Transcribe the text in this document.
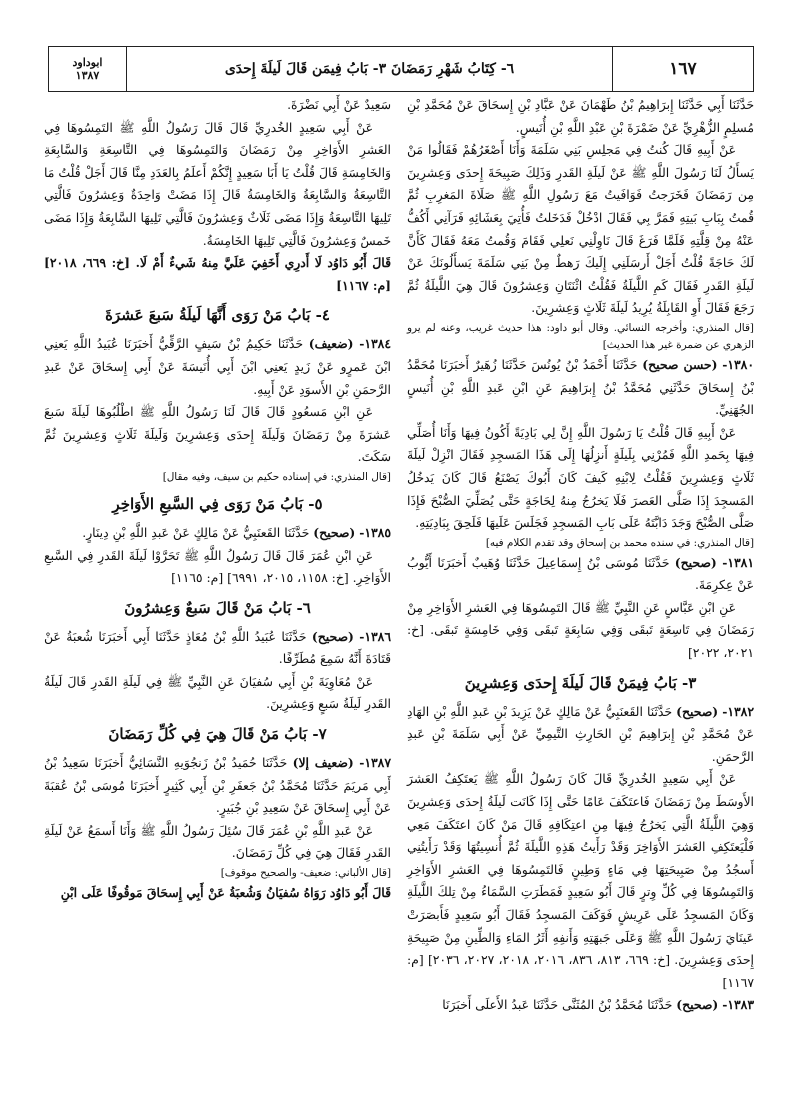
ابوداود
١٣٨٧	٦- كِتَابُ شَهْرِ رَمَضَانَ ٣- بَابُ فِيمَن قَالَ لَيلَةَ إِحدَى	١٦٧

حَدَّثَنَا أَبِي حَدَّثَنَا إِبرَاهِيمُ بْنُ طَهْمَانَ عَنْ عَبَّادِ بْنِ إِسحَاقَ عَنْ مُحَمَّدِ بْنِ مُسلِمٍ الزُّهْرِيِّ عَنْ ضَمْرَةَ بْنِ عَبْدِ اللَّهِ بْنِ أُنَيسٍ.

عَنْ أَبِيهِ قَالَ كُنتُ فِي مَجلِسِ بَنِي سَلَمَةَ وَأَنَا أَصْغَرُهُمْ فَقَالُوا مَنْ يَسأَلُ لَنَا رَسُولَ اللَّهِ ﷺ عَنْ لَيلَةِ القَدرِ وَذَلِكَ صَبِيحَةَ إِحدَى وَعِشرِينَ مِن رَمَضَانَ فَخَرَجتُ فَوَافَيتُ مَعَ رَسُولِ اللَّهِ ﷺ صَلَاةَ المَغرِبِ ثُمَّ قُمتُ بِبَابِ بَيتِهِ فَمَرَّ بِي فَقَالَ ادْخُلْ فَدَخَلتُ فَأُتِيَ بِعَشَائِهِ فَرَآنِي أَكُفُّ عَنْهُ مِنْ قِلَّتِهِ فَلَمَّا فَرَغَ قَالَ نَاوِلْنِي نَعلِي فَقَامَ وَقُمتُ مَعَهُ فَقَالَ كَأَنَّ لَكَ حَاجَةً قُلْتُ أَجَلْ أَرسَلَنِي إِلَيكَ رَهطٌ مِنْ بَنِي سَلَمَةَ يَسأَلُونَكَ عَنْ لَيلَةِ القَدرِ فَقَالَ كَمِ اللَّيلَةُ فَقُلْتُ اثْنَتَانِ وَعِشرُونَ قَالَ هِيَ اللَّيلَةُ ثُمَّ رَجَعَ فَقَالَ أَوِ القَابِلَةُ يُرِيدُ لَيلَةَ ثَلَاثٍ وَعِشرِينَ.

[قال المنذري: وأخرجه النسائي. وقال أبو داود: هذا حديث غريب، وعنه لم يرو الزهري عن ضمرة غير هذا الحديث]

١٣٨٠- (حسن صحيح) حَدَّثَنَا أَحْمَدُ بْنُ يُونُسَ حَدَّثَنَا زُهَيرٌ أَخبَرَنَا مُحَمَّدُ بْنُ إِسحَاقَ حَدَّثَنِي مُحَمَّدُ بْنُ إِبرَاهِيمَ عَنِ ابْنِ عَبدِ اللَّهِ بْنِ أُنَيسٍ الجُهَنِيِّ.

عَنْ أَبِيهِ قَالَ قُلْتُ يَا رَسُولَ اللَّهِ إِنَّ لِي بَادِيَةً أَكُونُ فِيهَا وَأَنَا أُصَلِّي فِيهَا بِحَمدِ اللَّهِ فَمُرْنِي بِلَيلَةٍ أَنزِلُهَا إِلَى هَذَا المَسجِدِ فَقَالَ انْزِلْ لَيلَةَ ثَلَاثٍ وَعِشرِينَ فَقُلْتُ لِابْنِهِ كَيفَ كَانَ أَبُوكَ يَصْنَعُ قَالَ كَانَ يَدخُلُ المَسجِدَ إِذَا صَلَّى العَصرَ فَلَا يَخرُجُ مِنهُ لِحَاجَةٍ حَتَّى يُصَلِّيَ الصُّبْحَ فَإِذَا صَلَّى الصُّبْحَ وَجَدَ دَابَّتَهُ عَلَى بَابِ المَسجِدِ فَجَلَسَ عَلَيهَا فَلَحِقَ بِبَادِيَتِهِ.

[قال المنذري: في سنده محمد بن إسحاق وقد تقدم الكلام فيه]

١٣٨١- (صحيح) حَدَّثَنَا مُوسَى بْنُ إِسمَاعِيلَ حَدَّثَنَا وُهَيبٌ أَخبَرَنَا أَيُّوبُ عَنْ عِكرِمَةَ.

عَنِ ابْنِ عَبَّاسٍ عَنِ النَّبِيِّ ﷺ قَالَ التَمِسُوهَا فِي العَشرِ الأَوَاخِرِ مِنْ رَمَضَانَ فِي تَاسِعَةٍ تَبقَى وَفِي سَابِعَةٍ تَبقَى وَفِي خَامِسَةٍ تَبقَى. [خ: ٢٠٢١، ٢٠٢٢]

٣- بَابُ فِيمَنْ قَالَ لَيلَةَ إِحدَى وَعِشرِينَ

١٣٨٢- (صحيح) حَدَّثَنَا القَعنَبِيُّ عَنْ مَالِكٍ عَنْ يَزِيدَ بْنِ عَبدِ اللَّهِ بْنِ الهَادِ عَنْ مُحَمَّدِ بْنِ إِبرَاهِيمَ بْنِ الحَارِثِ التَّيمِيِّ عَنْ أَبِي سَلَمَةَ بْنِ عَبدِ الرَّحمَنِ.

عَنْ أَبِي سَعِيدٍ الخُدرِيِّ قَالَ كَانَ رَسُولُ اللَّهِ ﷺ يَعتَكِفُ العَشرَ الأَوسَطَ مِنْ رَمَضَانَ فَاعتَكَفَ عَامًا حَتَّى إِذَا كَانَت لَيلَةُ إِحدَى وَعِشرِينَ وَهِيَ اللَّيلَةُ الَّتِي يَخرُجُ فِيهَا مِنِ اعتِكَافِهِ قَالَ مَنْ كَانَ اعتَكَفَ مَعِي فَلْيَعتَكِفِ العَشرَ الأَوَاخِرَ وَقَدْ رَأَيتُ هَذِهِ اللَّيلَةَ ثُمَّ أُنسِيتُهَا وَقَدْ رَأَيتُنِي أَسجُدُ مِنْ صَبِيحَتِهَا فِي مَاءٍ وَطِينٍ فَالتَمِسُوهَا فِي العَشرِ الأَوَاخِرِ وَالتَمِسُوهَا فِي كُلِّ وِترٍ قَالَ أَبُو سَعِيدٍ فَمَطَرَتِ السَّمَاءُ مِنْ تِلكَ اللَّيلَةِ وَكَانَ المَسجِدُ عَلَى عَرِيشٍ فَوَكَفَ المَسجِدُ فَقَالَ أَبُو سَعِيدٍ فَأَبصَرَتْ عَينَايَ رَسُولَ اللَّهِ ﷺ وَعَلَى جَبهَتِهِ وَأَنفِهِ أَثَرُ المَاءِ وَالطِّينِ مِنْ صَبِيحَةِ إِحدَى وَعِشرِينَ. [خ: ٦٦٩، ٨١٣، ٨٣٦، ٢٠١٦، ٢٠١٨، ٢٠٢٧، ٢٠٣٦] [م: ١١٦٧]

١٣٨٣- (صحيح) حَدَّثَنَا مُحَمَّدُ بْنُ المُثَنَّى حَدَّثَنَا عَبدُ الأَعلَى أَخبَرَنَا

سَعِيدٌ عَنْ أَبِي نَضْرَةَ.

عَنْ أَبِي سَعِيدٍ الخُدرِيِّ قَالَ قَالَ رَسُولُ اللَّهِ ﷺ التَمِسُوهَا فِي العَشرِ الأَوَاخِرِ مِنْ رَمَضَانَ وَالتَمِسُوهَا فِي التَّاسِعَةِ وَالسَّابِعَةِ وَالخَامِسَةِ قَالَ قُلْتُ يَا أَبَا سَعِيدٍ إِنَّكُمْ أَعلَمُ بِالعَدَدِ مِنَّا قَالَ أَجَلْ قُلْتُ مَا التَّاسِعَةُ وَالسَّابِعَةُ وَالخَامِسَةُ قَالَ إِذَا مَضَتْ وَاحِدَةٌ وَعِشرُونَ فَالَّتِي تَلِيهَا التَّاسِعَةُ وَإِذَا مَضَى ثَلَاثٌ وَعِشرُونَ فَالَّتِي تَلِيهَا السَّابِعَةُ وَإِذَا مَضَى خَمسٌ وَعِشرُونَ فَالَّتِي تَلِيهَا الخَامِسَةُ.

قَالَ أَبُو دَاوُد لَا أَدرِي أَخَفِيَ عَلَيَّ مِنهُ شَيءٌ أَمْ لَا. [خ: ٦٦٩، ٢٠١٨] [م: ١١٦٧]

٤- بَابُ مَنْ رَوَى أَنَّهَا لَيلَةُ سَبعَ عَشرَةَ

١٣٨٤- (ضعيف) حَدَّثَنَا حَكِيمُ بْنُ سَيفٍ الرَّقِّيُّ أَخبَرَنَا عُبَيدُ اللَّهِ يَعنِي ابْنَ عَمرٍو عَنْ زَيدٍ يَعنِي ابْنَ أَبِي أُنَيسَةَ عَنْ أَبِي إِسحَاقَ عَنْ عَبدِ الرَّحمَنِ بْنِ الأَسوَدِ عَنْ أَبِيهِ.

عَنِ ابْنِ مَسعُودٍ قَالَ قَالَ لَنَا رَسُولُ اللَّهِ ﷺ اطْلُبُوهَا لَيلَةَ سَبعَ عَشرَةَ مِنْ رَمَضَانَ وَلَيلَةَ إِحدَى وَعِشرِينَ وَلَيلَةَ ثَلَاثٍ وَعِشرِينَ ثُمَّ سَكَتَ.

[قال المنذري: في إسناده حكيم بن سيف، وفيه مقال]

٥- بَابُ مَنْ رَوَى فِي السَّبعِ الأَوَاخِرِ

١٣٨٥- (صحيح) حَدَّثَنَا القَعنَبِيُّ عَنْ مَالِكٍ عَنْ عَبدِ اللَّهِ بْنِ دِينَارٍ.

عَنِ ابْنِ عُمَرَ قَالَ قَالَ رَسُولُ اللَّهِ ﷺ تَحَرَّوْا لَيلَةَ القَدرِ فِي السَّبعِ الأَوَاخِرِ. [خ: ١١٥٨، ٢٠١٥، ٦٩٩١] [م: ١١٦٥]

٦- بَابُ مَنْ قَالَ سَبعٌ وَعِشرُونَ

١٣٨٦- (صحيح) حَدَّثَنَا عُبَيدُ اللَّهِ بْنُ مُعَاذٍ حَدَّثَنَا أَبِي أَخبَرَنَا شُعبَةُ عَنْ قَتَادَةَ أَنَّهُ سَمِعَ مُطَرِّفًا.

عَنْ مُعَاوِيَةَ بْنِ أَبِي سُفيَانَ عَنِ النَّبِيِّ ﷺ فِي لَيلَةِ القَدرِ قَالَ لَيلَةُ القَدرِ لَيلَةُ سَبعٍ وَعِشرِينَ.

٧- بَابُ مَنْ قَالَ هِيَ فِي كُلِّ رَمَضَانَ

١٣٨٧- (ضعيف إلا) حَدَّثَنَا حُمَيدُ بْنُ زَنجُوَيهِ النَّسَائِيُّ أَخبَرَنَا سَعِيدُ بْنُ أَبِي مَريَمَ حَدَّثَنَا مُحَمَّدُ بْنُ جَعفَرِ بْنِ أَبِي كَثِيرٍ أَخبَرَنَا مُوسَى بْنُ عُقبَةَ عَنْ أَبِي إِسحَاقَ عَنْ سَعِيدِ بْنِ جُبَيرٍ.

عَنْ عَبدِ اللَّهِ بْنِ عُمَرَ قَالَ سُئِلَ رَسُولُ اللَّهِ ﷺ وَأَنَا أَسمَعُ عَنْ لَيلَةِ القَدرِ فَقَالَ هِيَ فِي كُلِّ رَمَضَانَ.

[قال الألباني: ضعيف- والصحيح موقوف]

قَالَ أَبُو دَاوُد رَوَاهُ سُفيَانُ وَشُعبَةُ عَنْ أَبِي إِسحَاقَ مَوقُوفًا عَلَى ابْنِ
